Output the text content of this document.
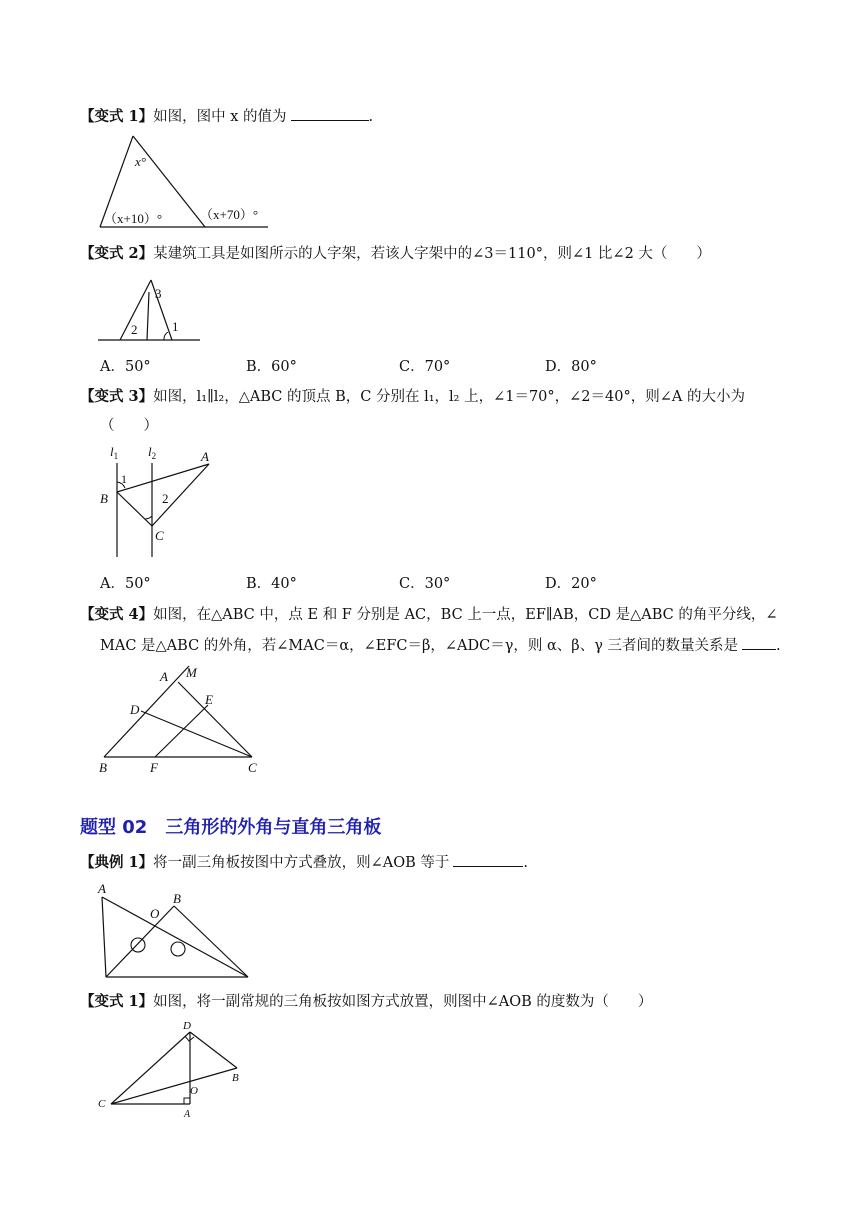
【变式 1】如图，图中 x 的值为	.
x°
（x+10）°	（x+70）°
【变式 2】某建筑工具是如图所示的人字架，若该人字架中的∠3＝110°，则∠1 比∠2 大（　　）
3
2	1
A．50°	B．60°	C．70°	D．80°
【变式 3】如图，l₁∥l₂，△ABC 的顶点 B，C 分别在 l₁，l₂ 上，∠1＝70°，∠2＝40°，则∠A 的大小为
（　　）
$l_1$ $l_2$	A
B
C
1
2
A．50°	B．40°	C．30°	D．20°
【变式 4】如图，在△ABC 中，点 E 和 F 分别是 AC，BC 上一点，EF∥AB，CD 是△ABC 的角平分线，∠
MAC 是△ABC 的外角，若∠MAC＝α，∠EFC＝β，∠ADC＝γ，则 α、β、γ 三者间的数量关系是	.
A M
D
E
B	F	C
题型 02　三角形的外角与直角三角板
【典例 1】将一副三角板按图中方式叠放，则∠AOB 等于	.
A
B
O
【变式 1】如图，将一副常规的三角板按如图方式放置，则图中∠AOB 的度数为（　　）
D
B
C
O
A
